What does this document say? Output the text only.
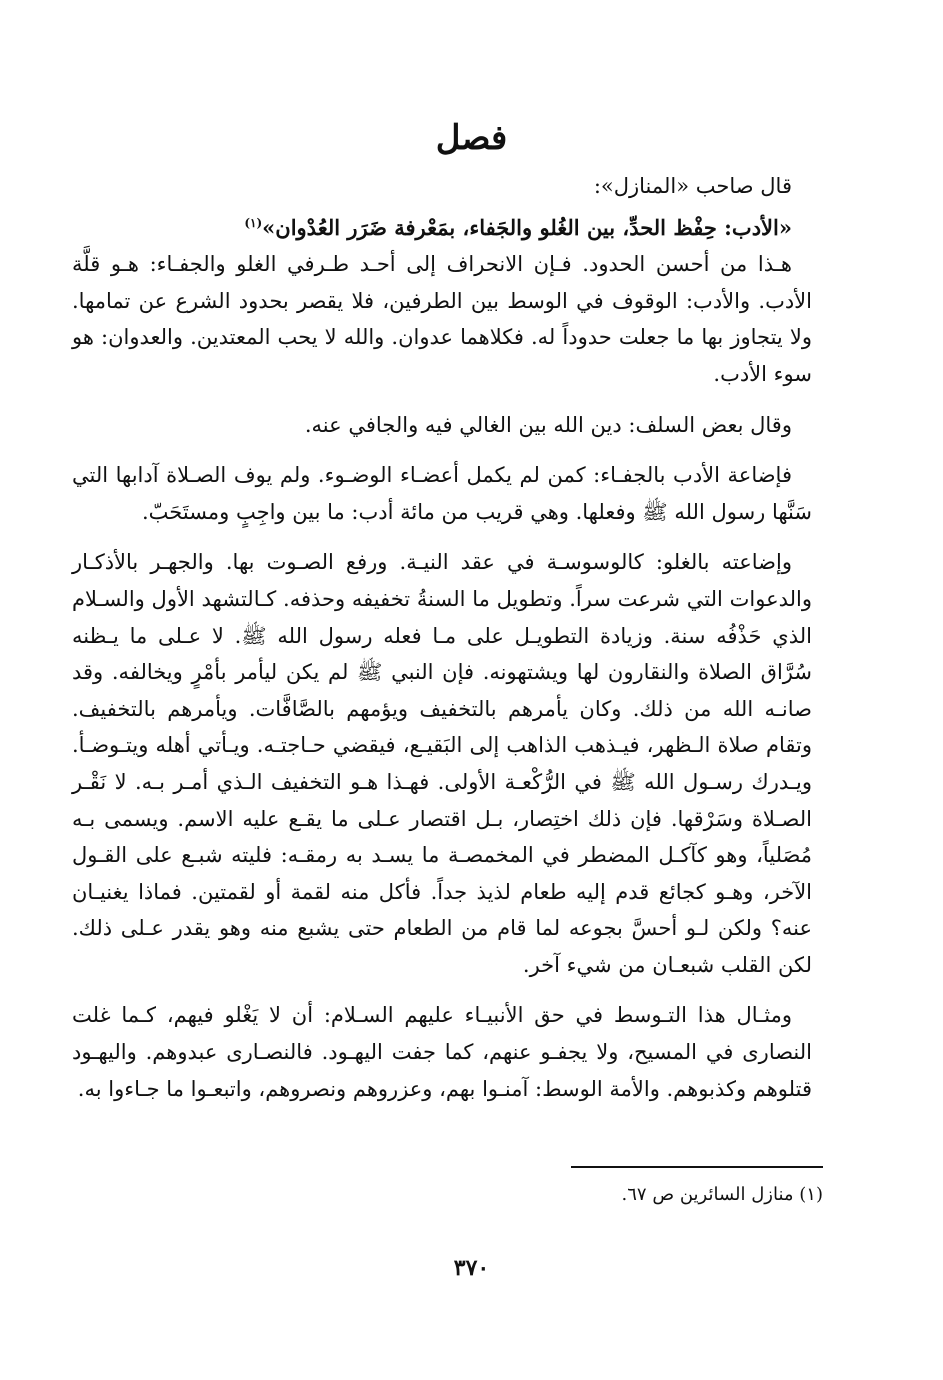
فصل

قال صاحب «المنازل»:

«الأدب: حِفْظ الحدِّ، بين الغُلو والجَفاء، بمَعْرفة ضَرَر العُدْوان»$^{(١)}$

هـذا من أحسن الحدود. فـإن الانحراف إلى أحـد طـرفي الغلو والجفـاء: هـو قلَّة الأدب. والأدب: الوقوف في الوسط بين الطرفين، فلا يقصر بحدود الشرع عن تمامها. ولا يتجاوز بها ما جعلت حدوداً له. فكلاهما عدوان. والله لا يحب المعتدين. والعدوان: هو سوء الأدب.

وقال بعض السلف: دين الله بين الغالي فيه والجافي عنه.

فإضاعة الأدب بالجفـاء: كمن لم يكمل أعضـاء الوضـوء. ولم يوف الصـلاة آدابها التي سَنَّها رسول الله ﷺ وفعلها. وهي قريب من مائة أدب: ما بين واجِبٍ ومستَحَبّ.

وإضاعته بالغلو: كالوسوسـة في عقد النيـة. ورفع الصـوت بها. والجهـر بالأذكـار والدعوات التي شرعت سراً. وتطويل ما السنةُ تخفيفه وحذفه. كـالتشهد الأول والسـلام الذي حَذْفُه سنة. وزيادة التطويـل على مـا فعله رسول الله ﷺ. لا عـلى ما يـظنه سُرَّاق الصلاة والنقارون لها ويشتهونه. فإن النبي ﷺ لم يكن ليأمر بأمْرٍ ويخالفه. وقد صانـه الله من ذلك. وكان يأمرهم بالتخفيف ويؤمهم بالصَّافَّات. ويأمرهم بالتخفيف. وتقام صلاة الـظهر، فيـذهب الذاهب إلى البَقيـع، فيقضي حـاجتـه. ويـأتي أهله ويتـوضـأ. ويـدرك رسـول الله ﷺ في الرُّكْعـة الأولى. فهـذا هـو التخفيف الـذي أمـر بـه. لا نَقْـر الصـلاة وسَرْقها. فإن ذلك اختِصار، بـل اقتصار عـلى ما يقـع عليه الاسم. ويسمى بـه مُصَلياً، وهو كآكـل المضطر في المخمصـة ما يسـد به رمقـه: فليته شبـع على القـول الآخر، وهـو كجائع قدم إليه طعام لذيذ جداً. فأكل منه لقمة أو لقمتين. فماذا يغنيـان عنه؟ ولكن لـو أحسَّ بجوعه لما قام من الطعام حتى يشبع منه وهو يقدر عـلى ذلك. لكن القلب شبعـان من شيء آخر.

ومثـال هذا التـوسط في حق الأنبيـاء عليهم السـلام: أن لا يَغْلو فيهم، كـما غلت النصارى في المسيح، ولا يجفـو عنهم، كما جفت اليهـود. فالنصـارى عبدوهم. واليهـود قتلوهم وكذبوهم. والأمة الوسط: آمنـوا بهم، وعزروهم ونصروهم، واتبعـوا ما جـاءوا به.

(١) منازل السائرين ص ٦٧.
٣٧٠
